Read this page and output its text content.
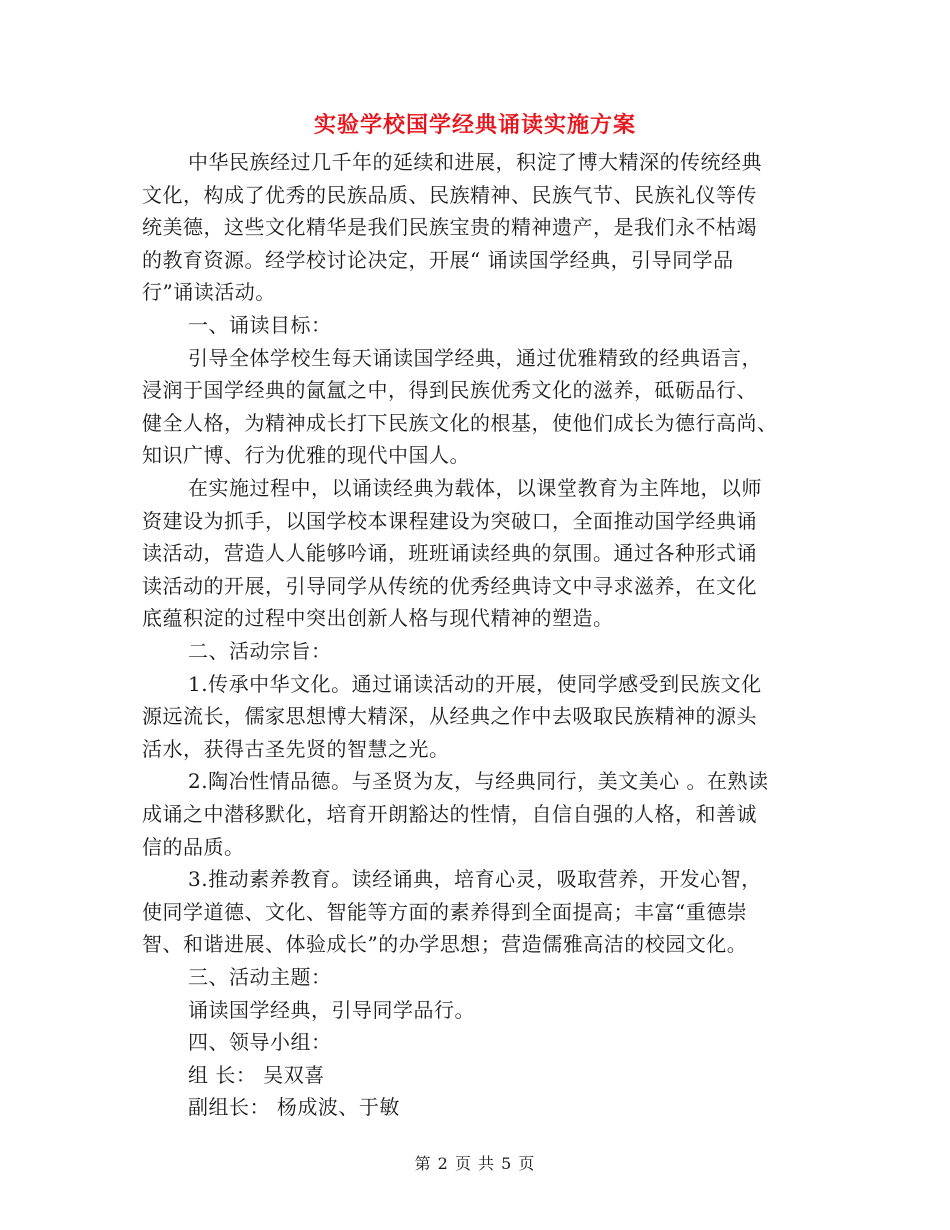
实验学校国学经典诵读实施方案
中华民族经过几千年的延续和进展，积淀了博大精深的传统经典
文化，构成了优秀的民族品质、民族精神、民族气节、民族礼仪等传
统美德，这些文化精华是我们民族宝贵的精神遗产，是我们永不枯竭
的教育资源。经学校讨论决定，开展“ 诵读国学经典，引导同学品
行”诵读活动。
一、诵读目标：
引导全体学校生每天诵读国学经典，通过优雅精致的经典语言，
浸润于国学经典的氤氲之中，得到民族优秀文化的滋养，砥砺品行、
健全人格，为精神成长打下民族文化的根基，使他们成长为德行高尚、
知识广博、行为优雅的现代中国人。
在实施过程中，以诵读经典为载体，以课堂教育为主阵地，以师
资建设为抓手，以国学校本课程建设为突破口，全面推动国学经典诵
读活动，营造人人能够吟诵，班班诵读经典的氛围。通过各种形式诵
读活动的开展，引导同学从传统的优秀经典诗文中寻求滋养，在文化
底蕴积淀的过程中突出创新人格与现代精神的塑造。
二、活动宗旨：
1.传承中华文化。通过诵读活动的开展，使同学感受到民族文化
源远流长，儒家思想博大精深，从经典之作中去吸取民族精神的源头
活水，获得古圣先贤的智慧之光。
2.陶冶性情品德。与圣贤为友，与经典同行，美文美心 。在熟读
成诵之中潜移默化，培育开朗豁达的性情，自信自强的人格，和善诚
信的品质。
3.推动素养教育。读经诵典，培育心灵，吸取营养，开发心智，
使同学道德、文化、智能等方面的素养得到全面提高；丰富“重德崇
智、和谐进展、体验成长”的办学思想；营造儒雅高洁的校园文化。
三、活动主题：
诵读国学经典，引导同学品行。
四、领导小组：
组 长： 吴双喜
副组长： 杨成波、于敏
第 2 页 共 5 页
